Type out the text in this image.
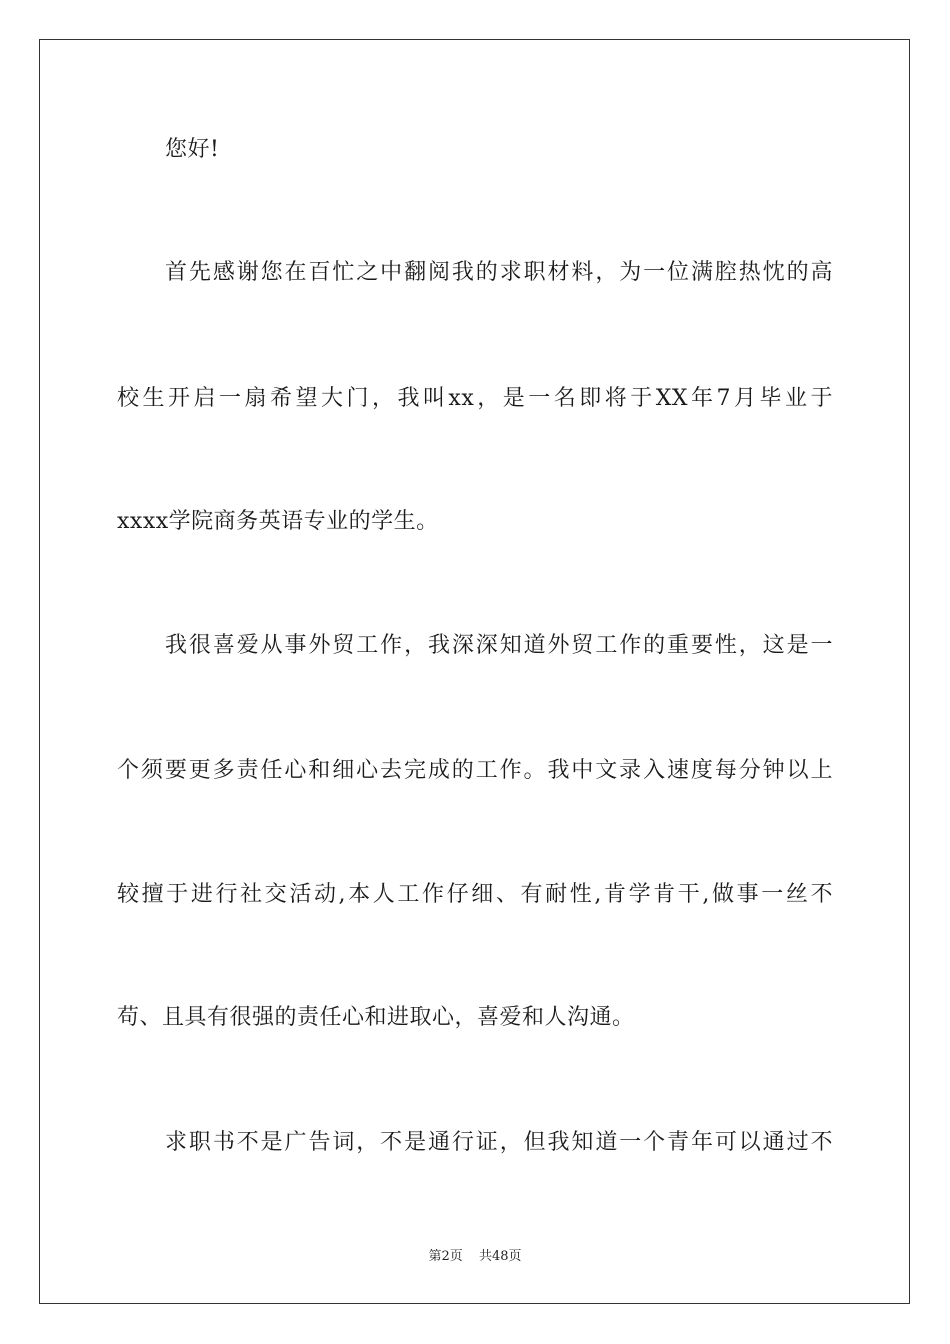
您好!
首先感谢您在百忙之中翻阅我的求职材料，为一位满腔热忱的高
校生开启一扇希望大门，我叫xx，是一名即将于XX年7月毕业于
xxxx学院商务英语专业的学生。
我很喜爱从事外贸工作，我深深知道外贸工作的重要性，这是一
个须要更多责任心和细心去完成的工作。我中文录入速度每分钟以上
较擅于进行社交活动,本人工作仔细、有耐性,肯学肯干,做事一丝不
苟、且具有很强的责任心和进取心，喜爱和人沟通。
求职书不是广告词，不是通行证，但我知道一个青年可以通过不
第2页 共48页
